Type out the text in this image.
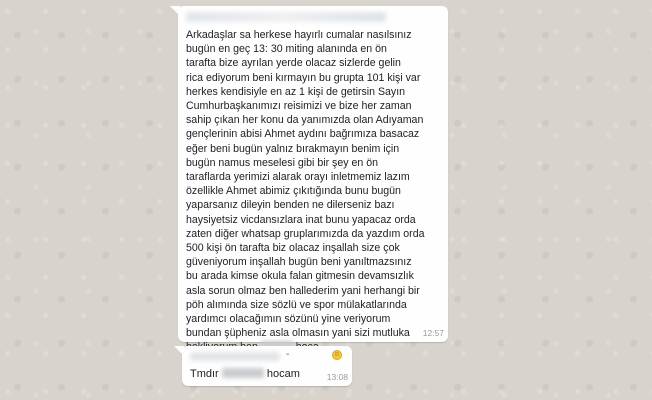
Arkadaşlar sa herkese hayırlı cumalar nasılsınız
bugün en geç 13: 30 miting alanında en ön
tarafta bize ayrılan yerde olacaz sizlerde gelin
rica ediyorum beni kırmayın bu grupta 101 kişi var
herkes kendisiyle en az 1 kişi de getirsin Sayın
Cumhurbaşkanımızı reisimizi ve bize her zaman
sahip çıkan her konu da yanımızda olan Adıyaman
gençlerinin abisi Ahmet aydını bağrımıza basacaz
eğer beni bugün yalnız bırakmayın benim için
bugün namus meselesi gibi bir şey en ön
taraflarda yerimizi alarak orayı inletmemiz lazım
özellikle Ahmet abimiz çıkıtığında bunu bugün
yaparsanız dileyin benden ne dilerseniz bazı
haysiyetsiz vicdansızlara inat bunu yapacaz orda
zaten diğer whatsap gruplarımızda da yazdım orda
500 kişi ön tarafta biz olacaz inşallah size çok
güveniyorum inşallah bugün beni yanıltmazsınız
bu arada kimse okula falan gitmesin devamsızlık
asla sorun olmaz ben hallederim yani herhangi bir
pöh alımında size sözlü ve spor mülakatlarında
yardımcı olacağımın sözünü yine veriyorum
bundan şüpheniz asla olmasın yani sizi mutluka	12:57
-	☺
Tmdır	hocam	13:08
